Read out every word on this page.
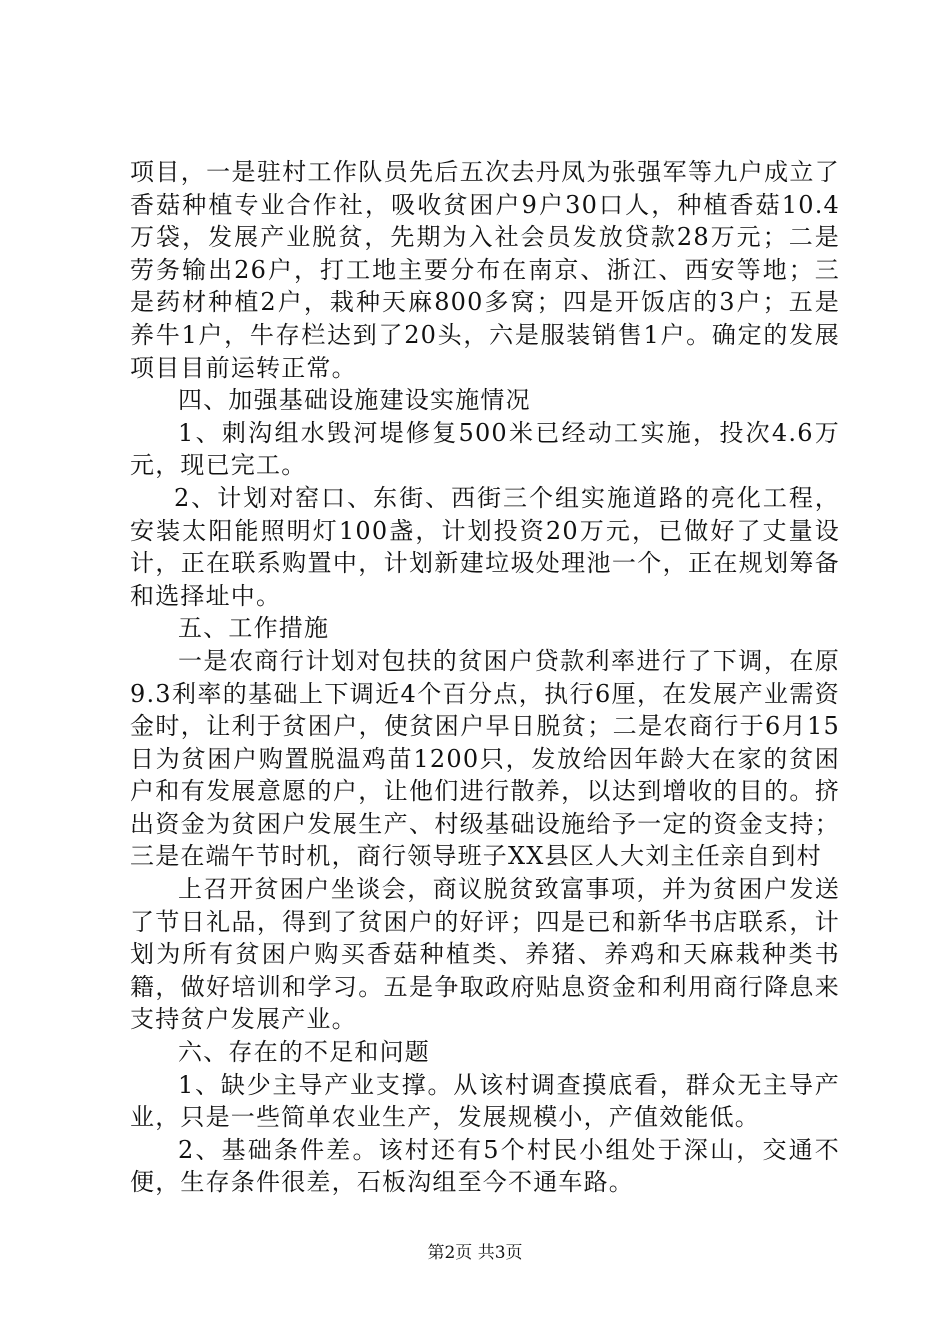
项目，一是驻村工作队员先后五次去丹凤为张强军等九户成立了香菇种植专业合作社，吸收贫困户9户30口人，种植香菇10.4万袋，发展产业脱贫，先期为入社会员发放贷款28万元；二是劳务输出26户，打工地主要分布在南京、浙江、西安等地；三是药材种植2户，栽种天麻800多窝；四是开饭店的3户；五是养牛1户，牛存栏达到了20头，六是服装销售1户。确定的发展项目目前运转正常。

四、加强基础设施建设实施情况

1、刺沟组水毁河堤修复500米已经动工实施，投次4.6万元，现已完工。

2、计划对窑口、东街、西街三个组实施道路的亮化工程，安装太阳能照明灯100盏，计划投资20万元，已做好了丈量设计，正在联系购置中，计划新建垃圾处理池一个，正在规划筹备和选择址中。

五、工作措施

一是农商行计划对包扶的贫困户贷款利率进行了下调，在原9.3利率的基础上下调近4个百分点，执行6厘，在发展产业需资金时，让利于贫困户，使贫困户早日脱贫；二是农商行于6月15日为贫困户购置脱温鸡苗1200只，发放给因年龄大在家的贫困户和有发展意愿的户，让他们进行散养，以达到增收的目的。挤出资金为贫困户发展生产、村级基础设施给予一定的资金支持；三是在端午节时机，商行领导班子XX县区人大刘主任亲自到村

上召开贫困户坐谈会，商议脱贫致富事项，并为贫困户发送了节日礼品，得到了贫困户的好评；四是已和新华书店联系，计划为所有贫困户购买香菇种植类、养猪、养鸡和天麻栽种类书籍，做好培训和学习。五是争取政府贴息资金和利用商行降息来支持贫户发展产业。

六、存在的不足和问题

1、缺少主导产业支撑。从该村调查摸底看，群众无主导产业，只是一些简单农业生产，发展规模小，产值效能低。

2、基础条件差。该村还有5个村民小组处于深山，交通不便，生存条件很差，石板沟组至今不通车路。

第2页 共3页
